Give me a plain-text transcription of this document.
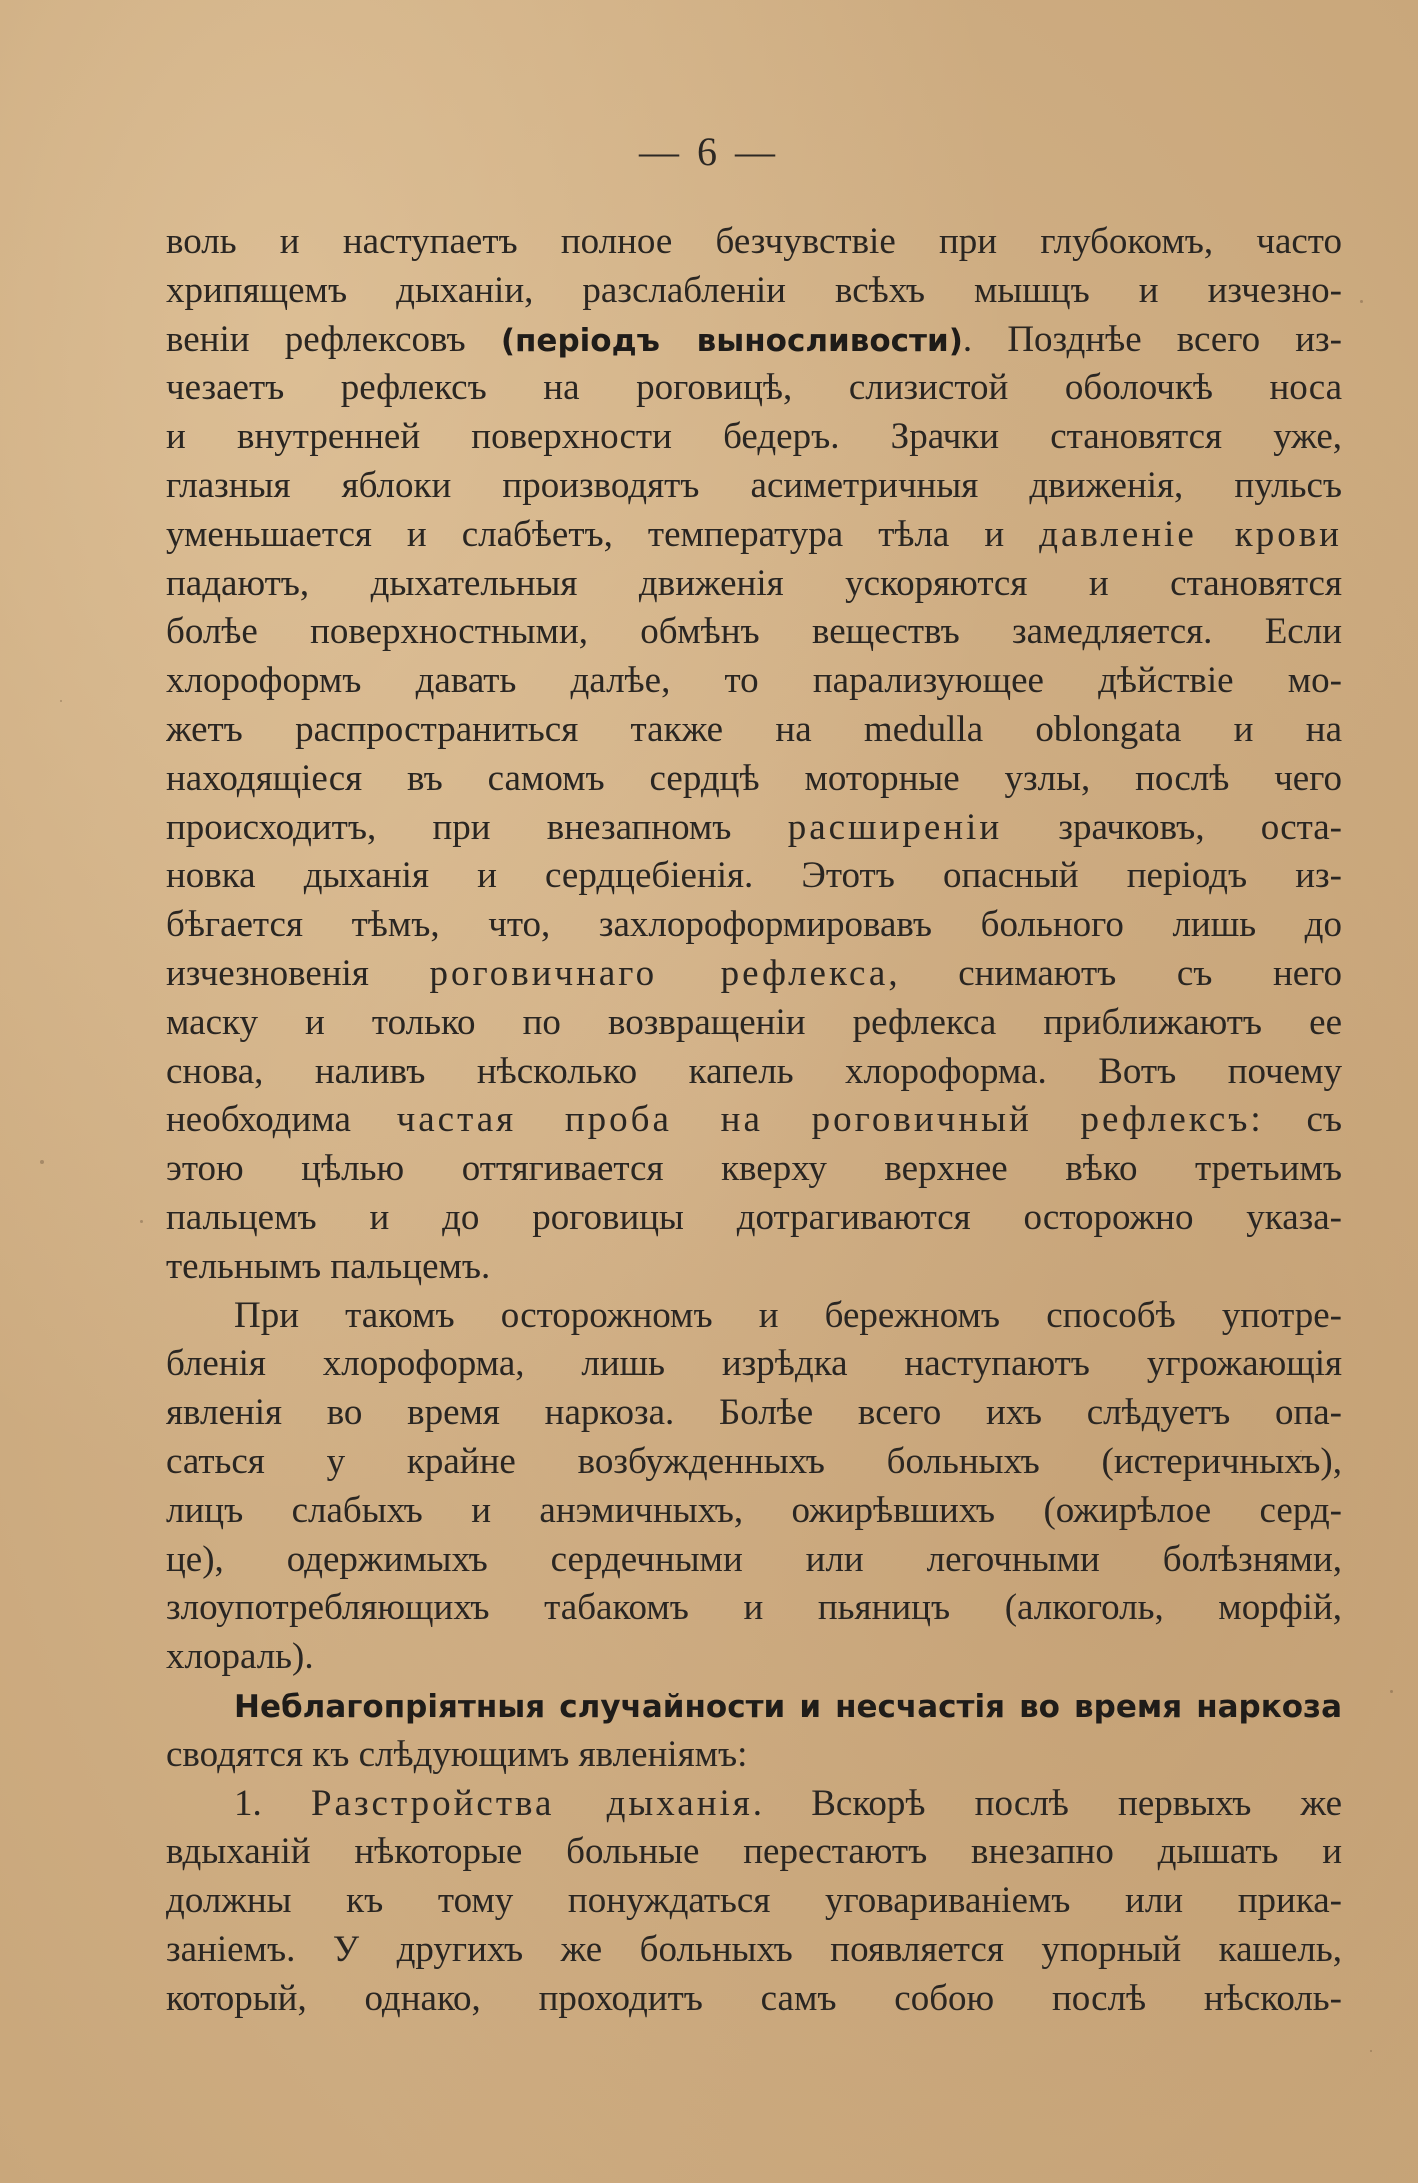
— 6 —
воль и наступаетъ полное безчувствіе при глубокомъ, часто
хрипящемъ дыханіи, разслабленіи всѣхъ мышцъ и изчезно-
веніи рефлексовъ (періодъ выносливости). Позднѣе всего из-
чезаетъ рефлексъ на роговицѣ, слизистой оболочкѣ носа
и внутренней поверхности бедеръ. Зрачки становятся уже,
глазныя яблоки производятъ асиметричныя движенія, пульсъ
уменьшается и слабѣетъ, температура тѣла и давленіе крови
падаютъ, дыхательныя движенія ускоряются и становятся
болѣе поверхностными, обмѣнъ веществъ замедляется. Если
хлороформъ давать далѣе, то парализующее дѣйствіе мо-
жетъ распространиться также на medulla oblongata и на
находящіеся въ самомъ сердцѣ моторные узлы, послѣ чего
происходитъ, при внезапномъ расширеніи зрачковъ, оста-
новка дыханія и сердцебіенія. Этотъ опасный періодъ из-
бѣгается тѣмъ, что, захлороформировавъ больного лишь до
изчезновенія роговичнаго рефлекса, снимаютъ съ него
маску и только по возвращеніи рефлекса приближаютъ ее
снова, наливъ нѣсколько капель хлороформа. Вотъ почему
необходима частая проба на роговичный рефлексъ: съ
этою цѣлью оттягивается кверху верхнее вѣко третьимъ
пальцемъ и до роговицы дотрагиваются осторожно указа-
тельнымъ пальцемъ.
При такомъ осторожномъ и бережномъ способѣ употре-
бленія хлороформа, лишь изрѣдка наступаютъ угрожающія
явленія во время наркоза. Болѣе всего ихъ слѣдуетъ опа-
саться у крайне возбужденныхъ больныхъ (истеричныхъ),
лицъ слабыхъ и анэмичныхъ, ожирѣвшихъ (ожирѣлое серд-
це), одержимыхъ сердечными или легочными болѣзнями,
злоупотребляющихъ табакомъ и пьяницъ (алкоголь, морфій,
хлораль).
Неблагопріятныя случайности и несчастія во время наркоза
сводятся къ слѣдующимъ явленіямъ:
1. Разстройства дыханія. Вскорѣ послѣ первыхъ же
вдыханій нѣкоторые больные перестаютъ внезапно дышать и
должны къ тому понуждаться уговариваніемъ или прика-
заніемъ. У другихъ же больныхъ появляется упорный кашель,
который, однако, проходитъ самъ собою послѣ нѣсколь-
